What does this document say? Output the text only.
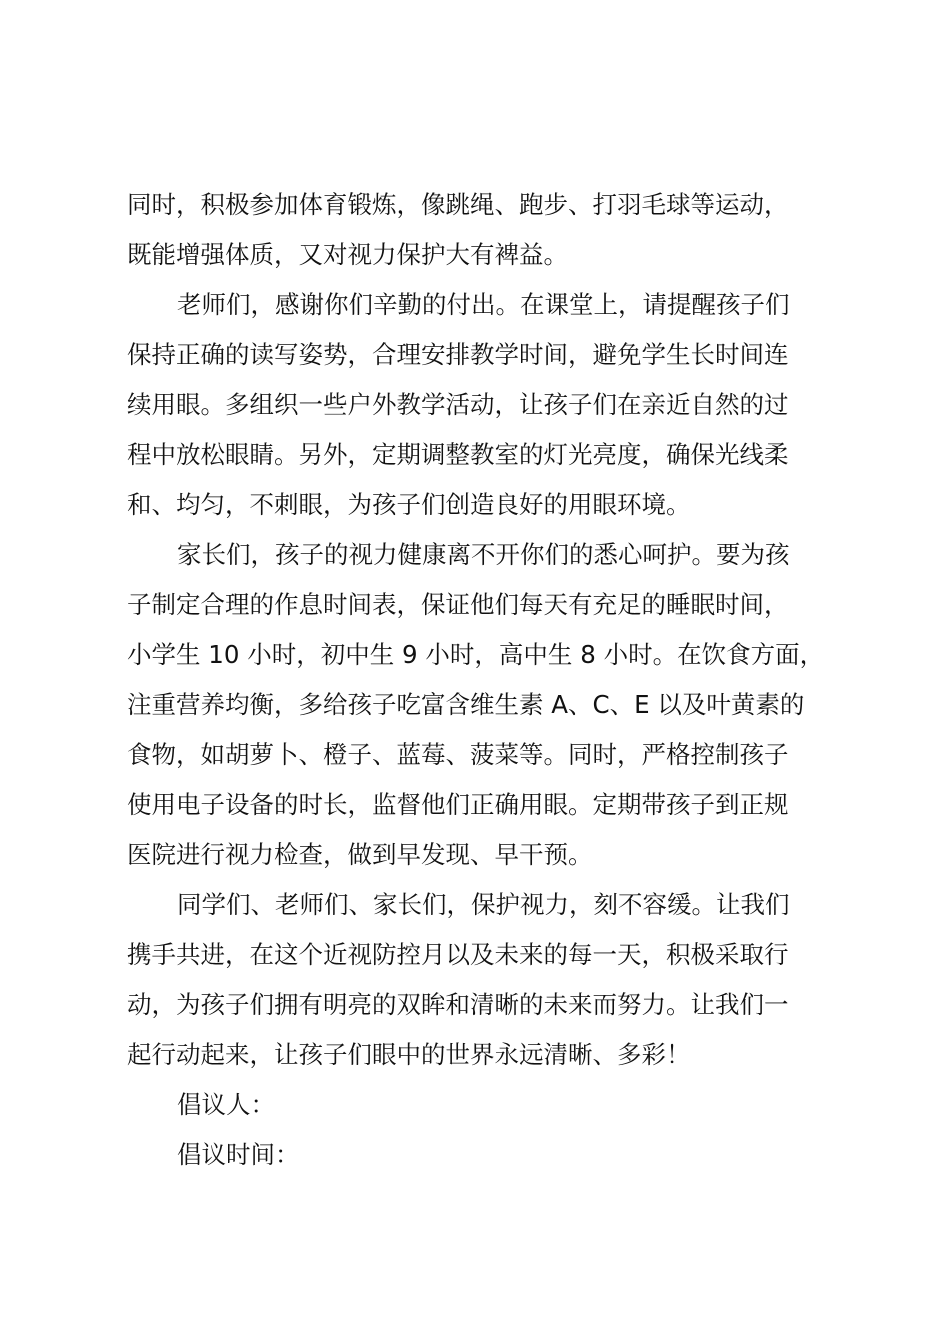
同时，积极参加体育锻炼，像跳绳、跑步、打羽毛球等运动，
既能增强体质，又对视力保护大有裨益。
老师们，感谢你们辛勤的付出。在课堂上，请提醒孩子们
保持正确的读写姿势，合理安排教学时间，避免学生长时间连
续用眼。多组织一些户外教学活动，让孩子们在亲近自然的过
程中放松眼睛。另外，定期调整教室的灯光亮度，确保光线柔
和、均匀，不刺眼，为孩子们创造良好的用眼环境。
家长们，孩子的视力健康离不开你们的悉心呵护。要为孩
子制定合理的作息时间表，保证他们每天有充足的睡眠时间，
小学生 10 小时，初中生 9 小时，高中生 8 小时。在饮食方面，
注重营养均衡，多给孩子吃富含维生素 A、C、E 以及叶黄素的
食物，如胡萝卜、橙子、蓝莓、菠菜等。同时，严格控制孩子
使用电子设备的时长，监督他们正确用眼。定期带孩子到正规
医院进行视力检查，做到早发现、早干预。
同学们、老师们、家长们，保护视力，刻不容缓。让我们
携手共进，在这个近视防控月以及未来的每一天，积极采取行
动，为孩子们拥有明亮的双眸和清晰的未来而努力。让我们一
起行动起来，让孩子们眼中的世界永远清晰、多彩！
倡议人：
倡议时间：
